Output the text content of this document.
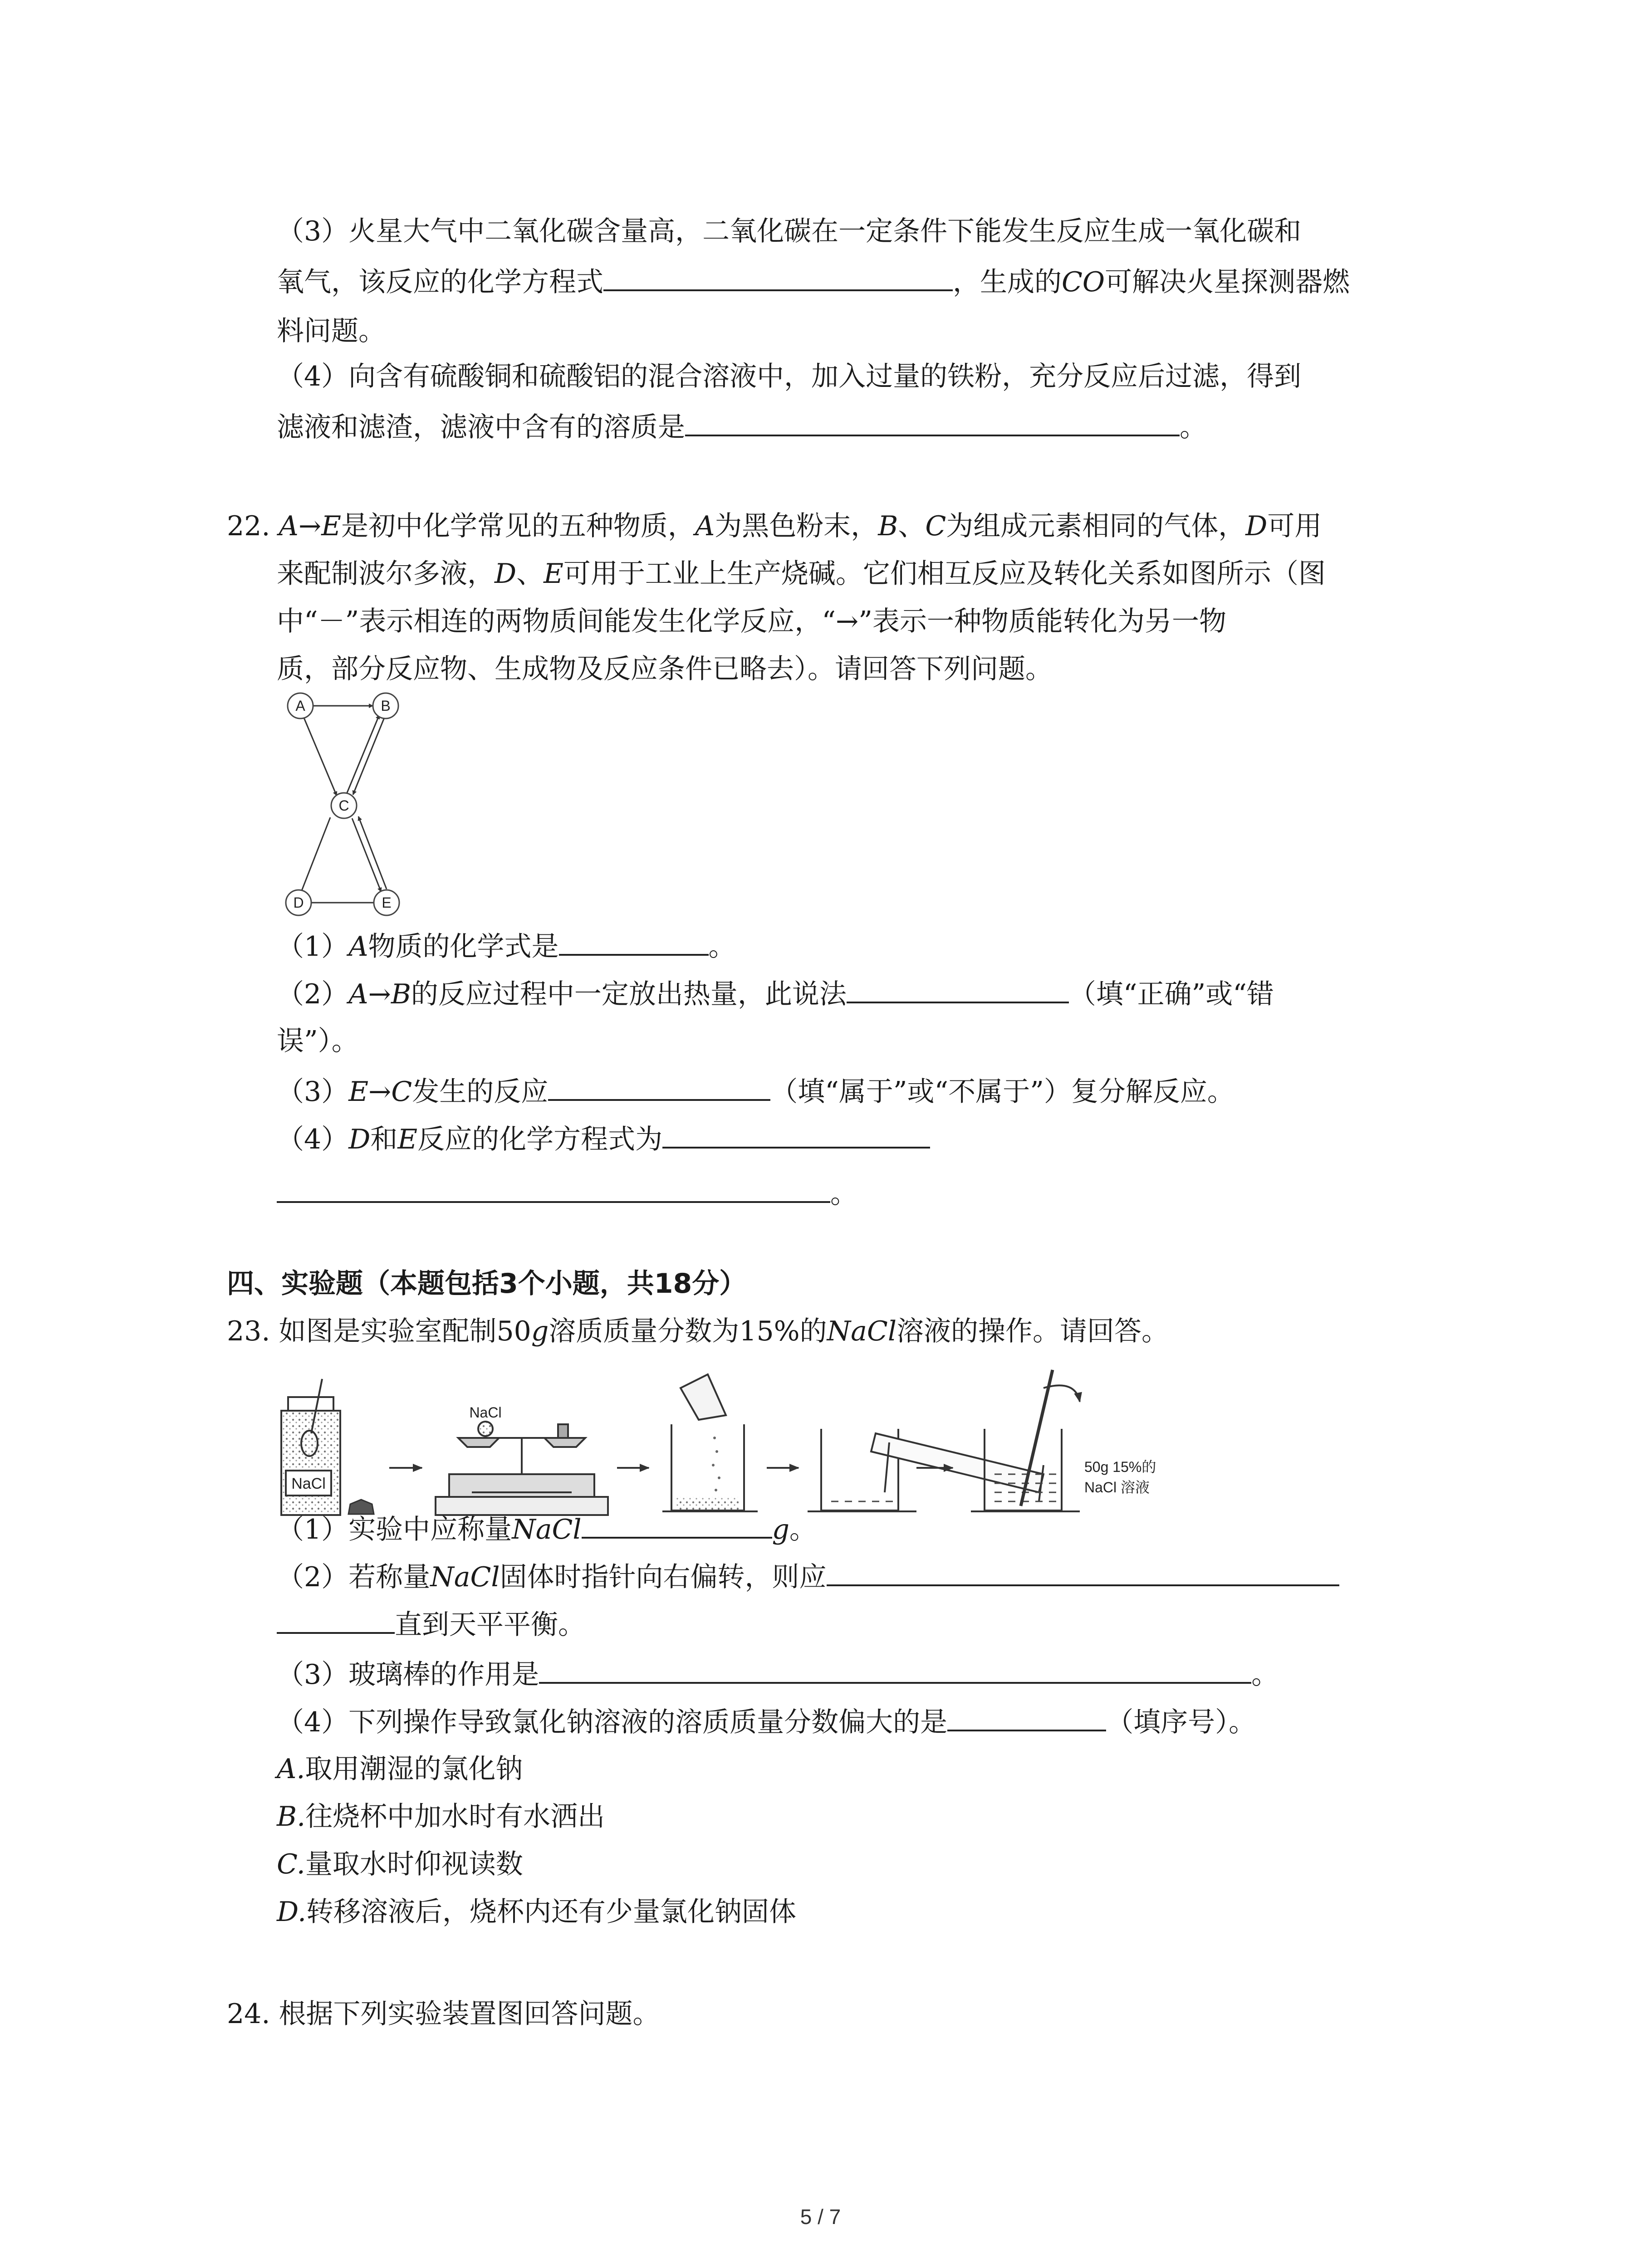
（3）火星大气中二氧化碳含量高，二氧化碳在一定条件下能发生反应生成一氧化碳和
氧气，该反应的化学方程式	，生成的CO可解决火星探测器燃
料问题。
（4）向含有硫酸铜和硫酸铝的混合溶液中，加入过量的铁粉，充分反应后过滤，得到
滤液和滤渣，滤液中含有的溶质是	。
22. A→E是初中化学常见的五种物质，A为黑色粉末，B、C为组成元素相同的气体，D可用
来配制波尔多液，D、E可用于工业上生产烧碱。它们相互反应及转化关系如图所示（图
中“－”表示相连的两物质间能发生化学反应，“→”表示一种物质能转化为另一物
质，部分反应物、生成物及反应条件已略去）。请回答下列问题。
A	B
C
D	E
（1）A物质的化学式是	。
（2）A→B的反应过程中一定放出热量，此说法	（填“正确”或“错
误”）。
（3）E→C发生的反应	（填“属于”或“不属于”）复分解反应。
（4）D和E反应的化学方程式为
。
四、实验题（本题包括3个小题，共18分）
23. 如图是实验室配制50g溶质质量分数为15%的NaCl溶液的操作。请回答。
NaCl
NaCl
50g 15%的
NaCl 溶液
（1）实验中应称量NaCl	g。
（2）若称量NaCl固体时指针向右偏转，则应
直到天平平衡。
（3）玻璃棒的作用是	。
（4）下列操作导致氯化钠溶液的溶质质量分数偏大的是	（填序号）。
A.取用潮湿的氯化钠
B.往烧杯中加水时有水洒出
C.量取水时仰视读数
D.转移溶液后，烧杯内还有少量氯化钠固体
24. 根据下列实验装置图回答问题。
5 / 7
